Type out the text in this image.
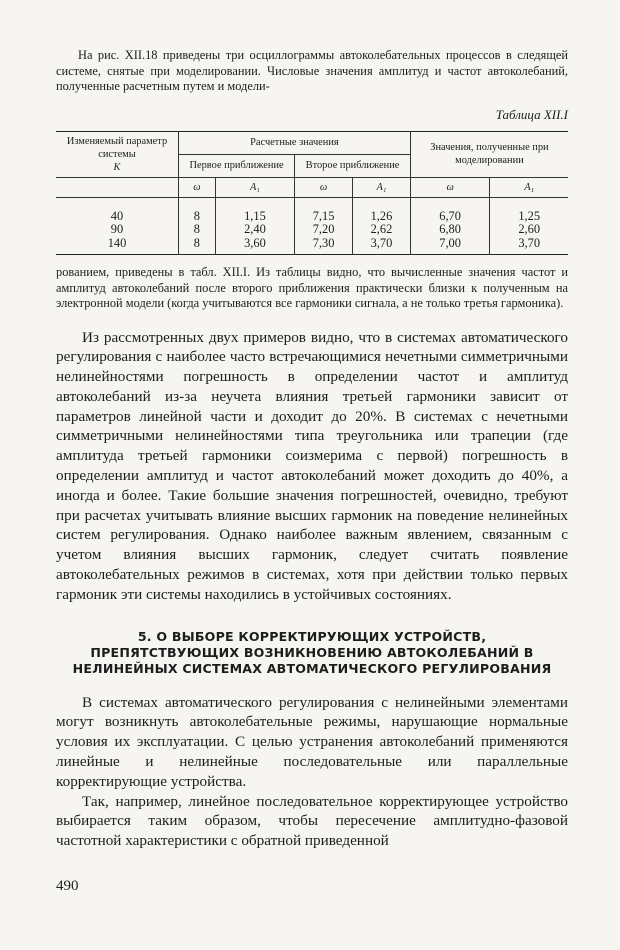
На рис. XII.18 приведены три осциллограммы автоколебательных процессов в следящей системе, снятые при моделировании. Числовые значения амплитуд и частот автоколебаний, полученные расчетным путем и модели-

Таблица XII.I
Изменяемый параметр системы
K	Расчетные значения				Значения, полученные при моделировании	
	Первое приближение		Второе приближение			
	ω	A₁	ω	A₁	ω	A₁

40	8	1,15	7,15	1,26	6,70	1,25
90	8	2,40	7,20	2,62	6,80	2,60
140	8	3,60	7,30	3,70	7,00	3,70

рованием, приведены в табл. XII.I. Из таблицы видно, что вычисленные значения частот и амплитуд автоколебаний после второго приближения практически близки к полученным на электронной модели (когда учитываются все гармоники сигнала, а не только третья гармоника).

Из рассмотренных двух примеров видно, что в системах автоматического регулирования с наиболее часто встречающимися нечетными симметричными нелинейностями погрешность в определении частот и амплитуд автоколебаний из-за неучета влияния третьей гармоники зависит от параметров линейной части и доходит до 20%. В системах с нечетными симметричными нелинейностями типа треугольника или трапеции (где амплитуда третьей гармоники соизмерима с первой) погрешность в определении амплитуд и частот автоколебаний может доходить до 40%, а иногда и более. Такие большие значения погрешностей, очевидно, требуют при расчетах учитывать влияние высших гармоник на поведение нелинейных систем регулирования. Однако наиболее важным явлением, связанным с учетом влияния высших гармоник, следует считать появление автоколебательных режимов в системах, хотя при действии только первых гармоник эти системы находились в устойчивых состояниях.

5. О ВЫБОРЕ КОРРЕКТИРУЮЩИХ УСТРОЙСТВ, ПРЕПЯТСТВУЮЩИХ ВОЗНИКНОВЕНИЮ АВТОКОЛЕБАНИЙ В НЕЛИНЕЙНЫХ СИСТЕМАХ АВТОМАТИЧЕСКОГО РЕГУЛИРОВАНИЯ

В системах автоматического регулирования с нелинейными элементами могут возникнуть автоколебательные режимы, нарушающие нормальные условия их эксплуатации. С целью устранения автоколебаний применяются линейные и нелинейные последовательные или параллельные корректирующие устройства.

Так, например, линейное последовательное корректирующее устройство выбирается таким образом, чтобы пересечение амплитудно-фазовой частотной характеристики с обратной приведенной

490
